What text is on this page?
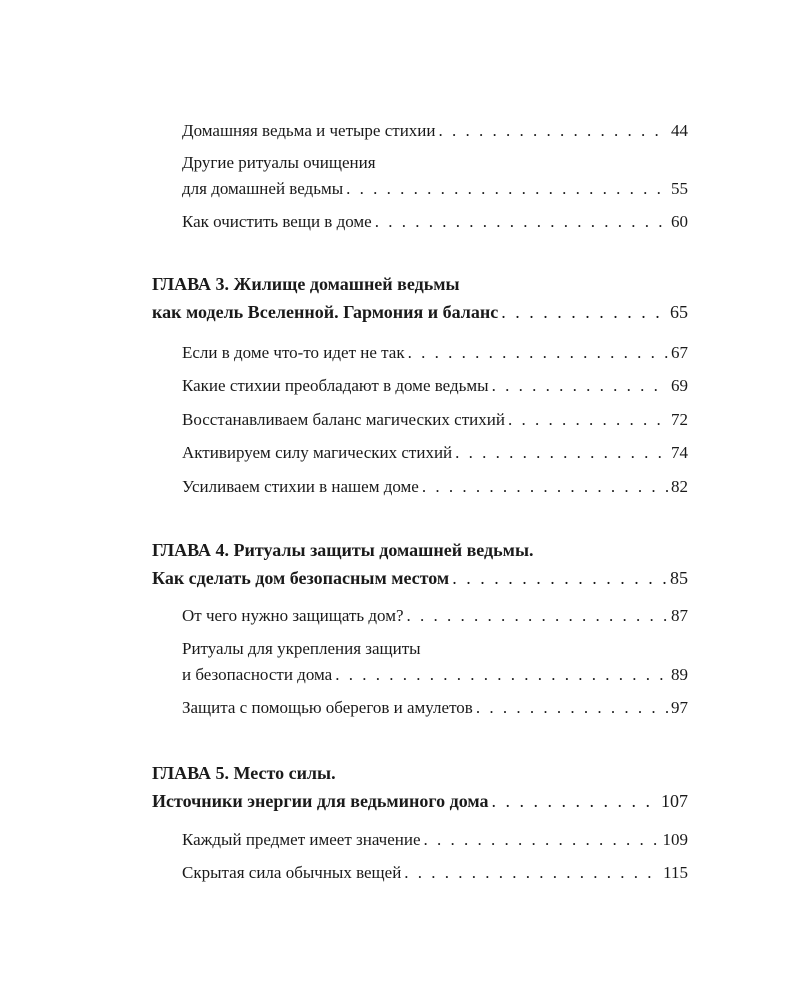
Домашняя ведьма и четыре стихии . . .	44
Другие ритуалы очищения
для домашней ведьмы . . .	55
Как очистить вещи в доме . . .	60
ГЛАВА 3. Жилище домашней ведьмы
как модель Вселенной. Гармония и баланс . . .	65
Если в доме что-то идет не так . . .	67
Какие стихии преобладают в доме ведьмы . . .	69
Восстанавливаем баланс магических стихий . . .	72
Активируем силу магических стихий . . .	74
Усиливаем стихии в нашем доме . . .	82
ГЛАВА 4. Ритуалы защиты домашней ведьмы.
Как сделать дом безопасным местом . . .	85
От чего нужно защищать дом? . . .	87
Ритуалы для укрепления защиты
и безопасности дома . . .	89
Защита с помощью оберегов и амулетов . . .	97
ГЛАВА 5. Место силы.
Источники энергии для ведьминого дома . . .	107
Каждый предмет имеет значение . . .	109
Скрытая сила обычных вещей . . .	115
